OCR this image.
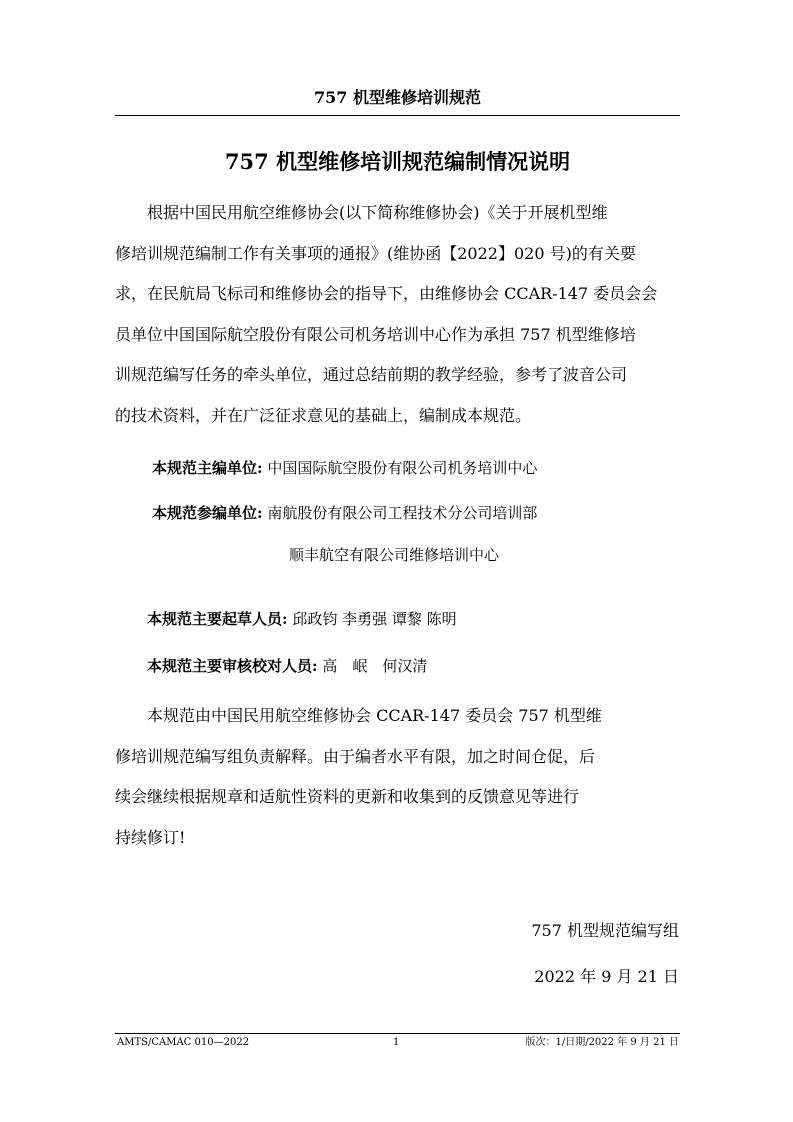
757 机型维修培训规范
757 机型维修培训规范编制情况说明
根据中国民用航空维修协会(以下简称维修协会)《关于开展机型维
修培训规范编制工作有关事项的通报》(维协函【2022】020 号)的有关要
求，在民航局飞标司和维修协会的指导下，由维修协会 CCAR-147 委员会会
员单位中国国际航空股份有限公司机务培训中心作为承担 757 机型维修培
训规范编写任务的牵头单位，通过总结前期的教学经验，参考了波音公司
的技术资料，并在广泛征求意见的基础上，编制成本规范。
本规范主编单位: 中国国际航空股份有限公司机务培训中心
本规范参编单位: 南航股份有限公司工程技术分公司培训部
顺丰航空有限公司维修培训中心
本规范主要起草人员: 邱政钧 李勇强 谭黎 陈明
本规范主要审核校对人员: 高　岷　何汉清
本规范由中国民用航空维修协会 CCAR-147 委员会 757 机型维
修培训规范编写组负责解释。由于编者水平有限，加之时间仓促，后
续会继续根据规章和适航性资料的更新和收集到的反馈意见等进行
持续修订!
757 机型规范编写组
2022 年 9 月 21 日
AMTS/CAMAC 010—2022	1	版次：1/日期/2022 年 9 月 21 日
